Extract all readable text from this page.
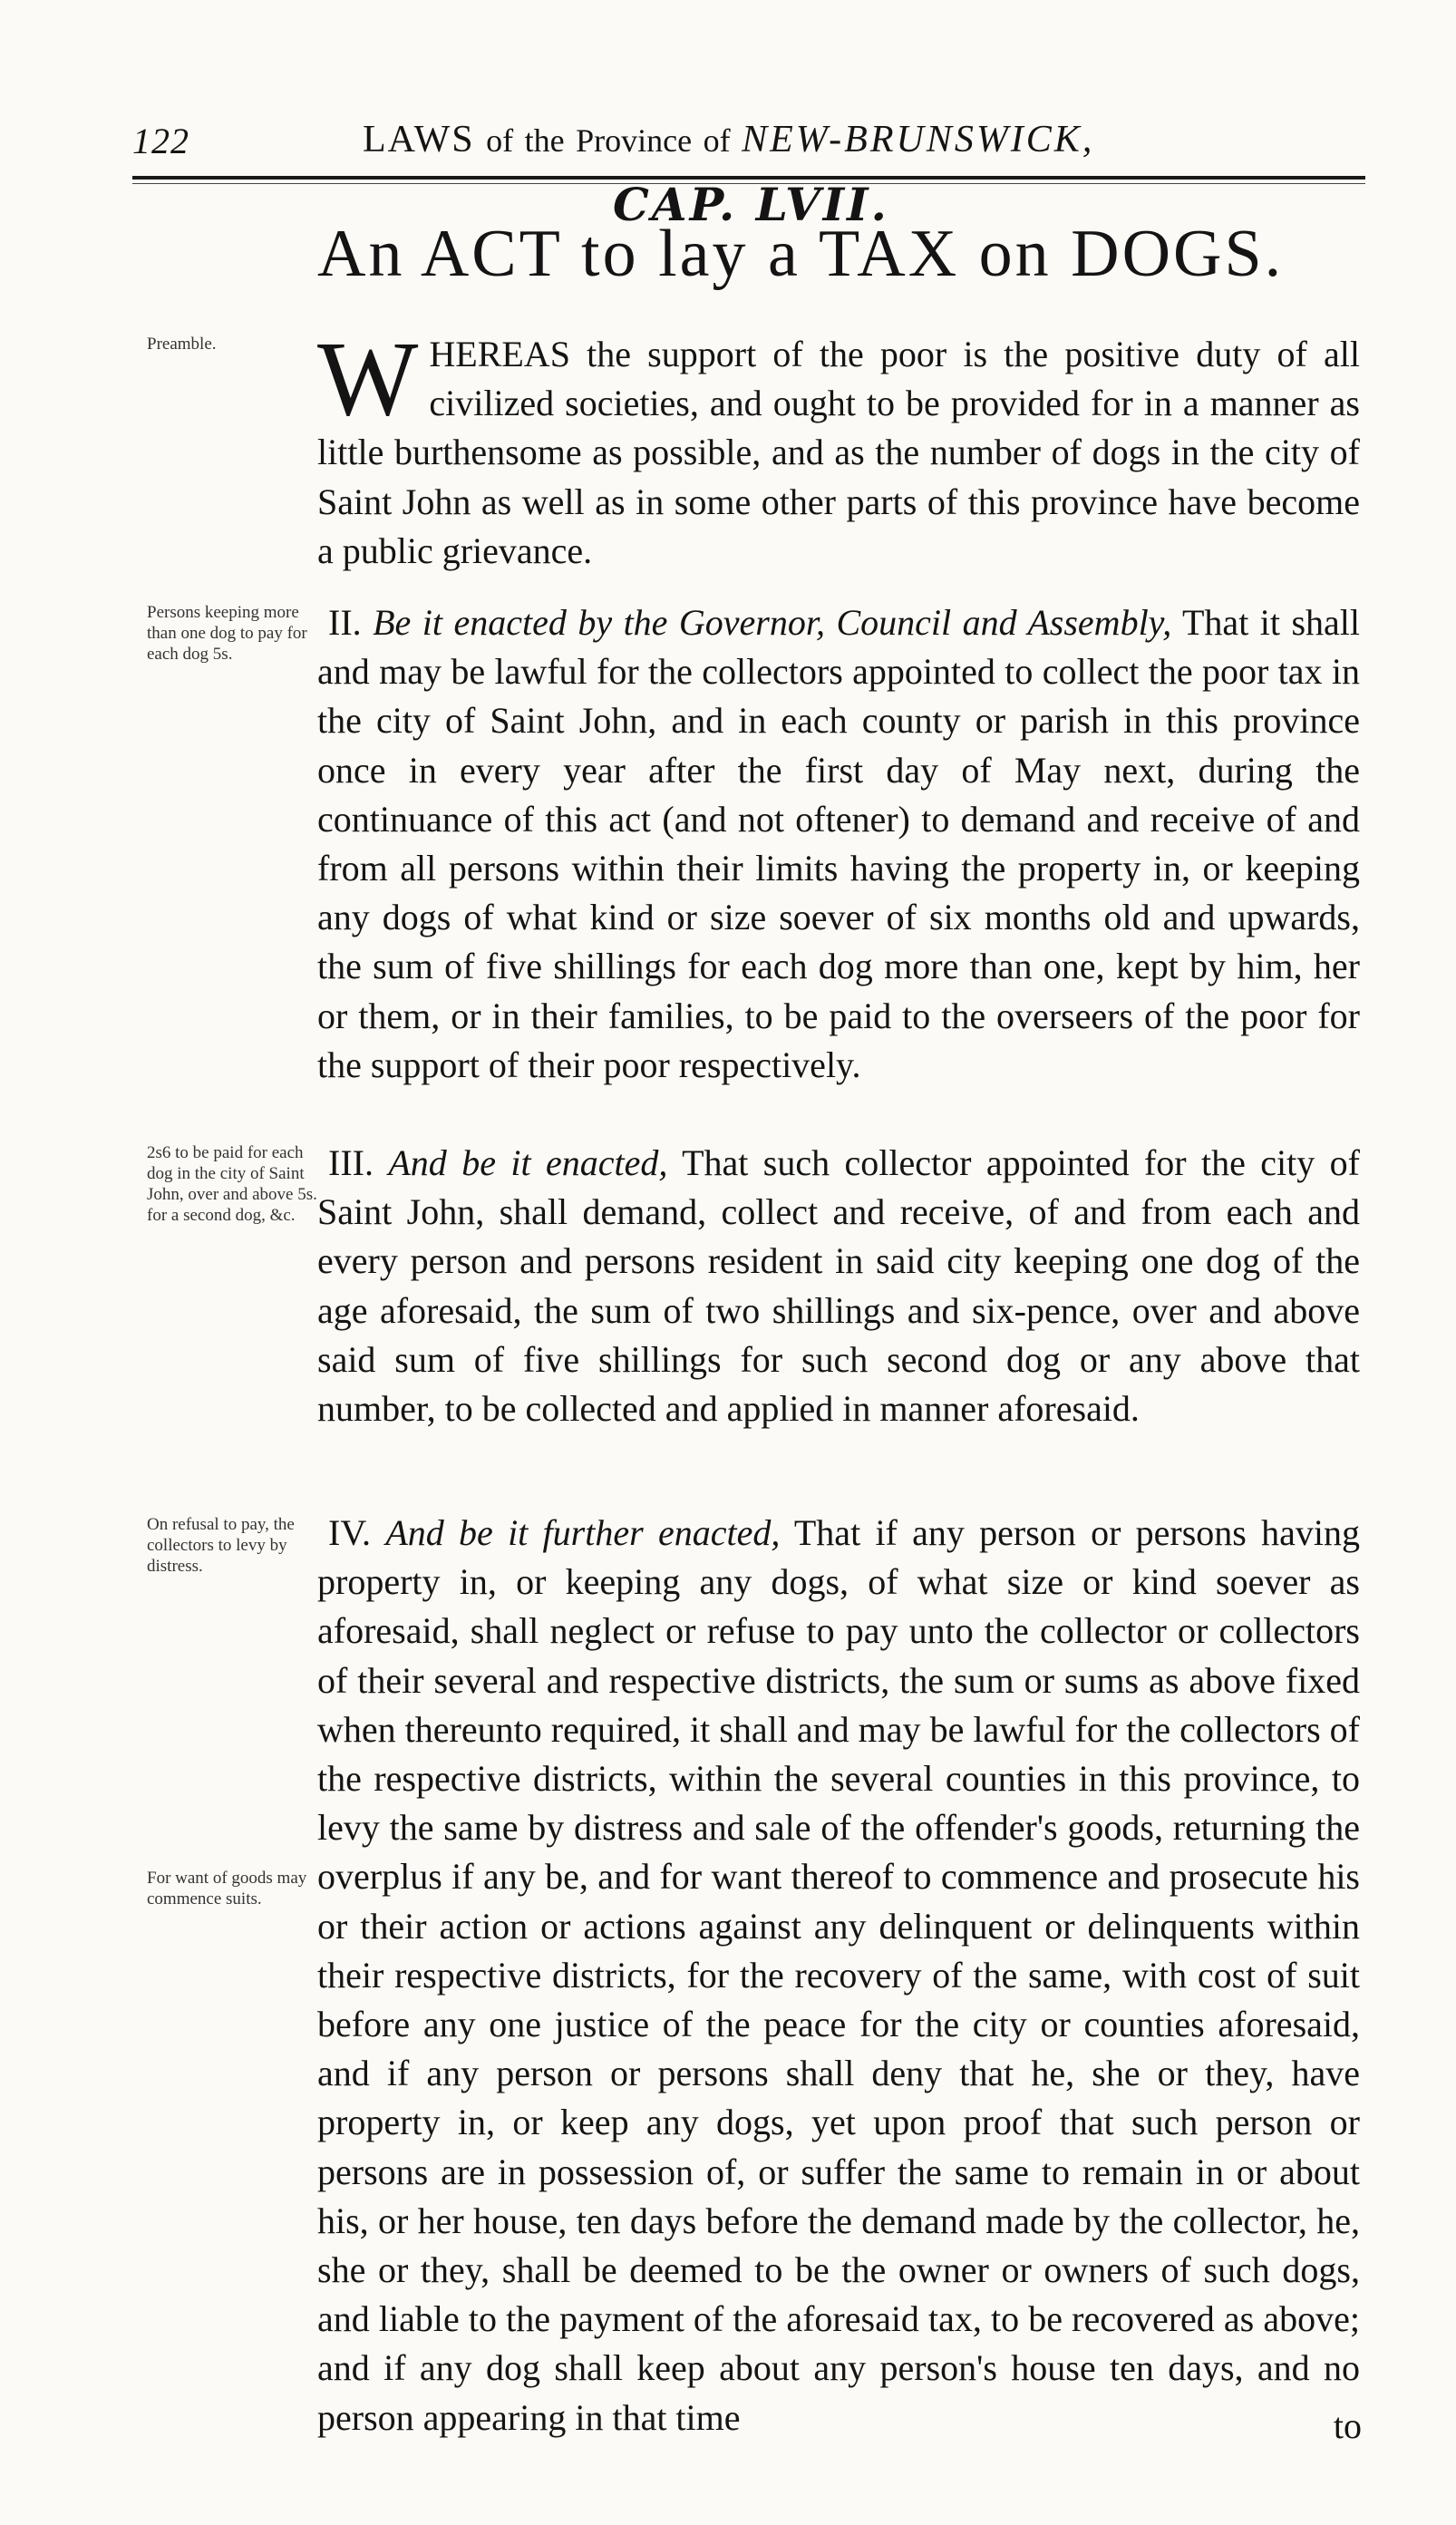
122	LAWS of the Province of NEW-BRUNSWICK,
CAP. LVII.
An ACT to lay a TAX on DOGS.
Preamble.
Persons keeping more than one dog to pay for each dog 5s.
2s6 to be paid for each dog in the city of Saint John, over and above 5s. for a second dog, &c.
On refusal to pay, the collectors to levy by distress.
For want of goods may commence suits.
WHEREAS the support of the poor is the positive duty of all civilized societies, and ought to be provided for in a manner as little burthensome as possible, and as the number of dogs in the city of Saint John as well as in some other parts of this province have become a public grievance.
II. Be it enacted by the Governor, Council and Assembly, That it shall and may be lawful for the collectors appointed to collect the poor tax in the city of Saint John, and in each county or parish in this province once in every year after the first day of May next, during the continuance of this act (and not oftener) to demand and receive of and from all persons within their limits having the property in, or keeping any dogs of what kind or size soever of six months old and upwards, the sum of five shillings for each dog more than one, kept by him, her or them, or in their families, to be paid to the overseers of the poor for the support of their poor respectively.
III. And be it enacted, That such collector appointed for the city of Saint John, shall demand, collect and receive, of and from each and every person and persons resident in said city keeping one dog of the age aforesaid, the sum of two shillings and six-pence, over and above said sum of five shillings for such second dog or any above that number, to be collected and applied in manner aforesaid.
IV. And be it further enacted, That if any person or persons having property in, or keeping any dogs, of what size or kind soever as aforesaid, shall neglect or refuse to pay unto the collector or collectors of their several and respective districts, the sum or sums as above fixed when thereunto required, it shall and may be lawful for the collectors of the respective districts, within the several counties in this province, to levy the same by distress and sale of the offender's goods, returning the overplus if any be, and for want thereof to commence and prosecute his or their action or actions against any delinquent or delinquents within their respective districts, for the recovery of the same, with cost of suit before any one justice of the peace for the city or counties aforesaid, and if any person or persons shall deny that he, she or they, have property in, or keep any dogs, yet upon proof that such person or persons are in possession of, or suffer the same to remain in or about his, or her house, ten days before the demand made by the collector, he, she or they, shall be deemed to be the owner or owners of such dogs, and liable to the payment of the aforesaid tax, to be recovered as above; and if any dog shall keep about any person's house ten days, and no person appearing in that time	to
